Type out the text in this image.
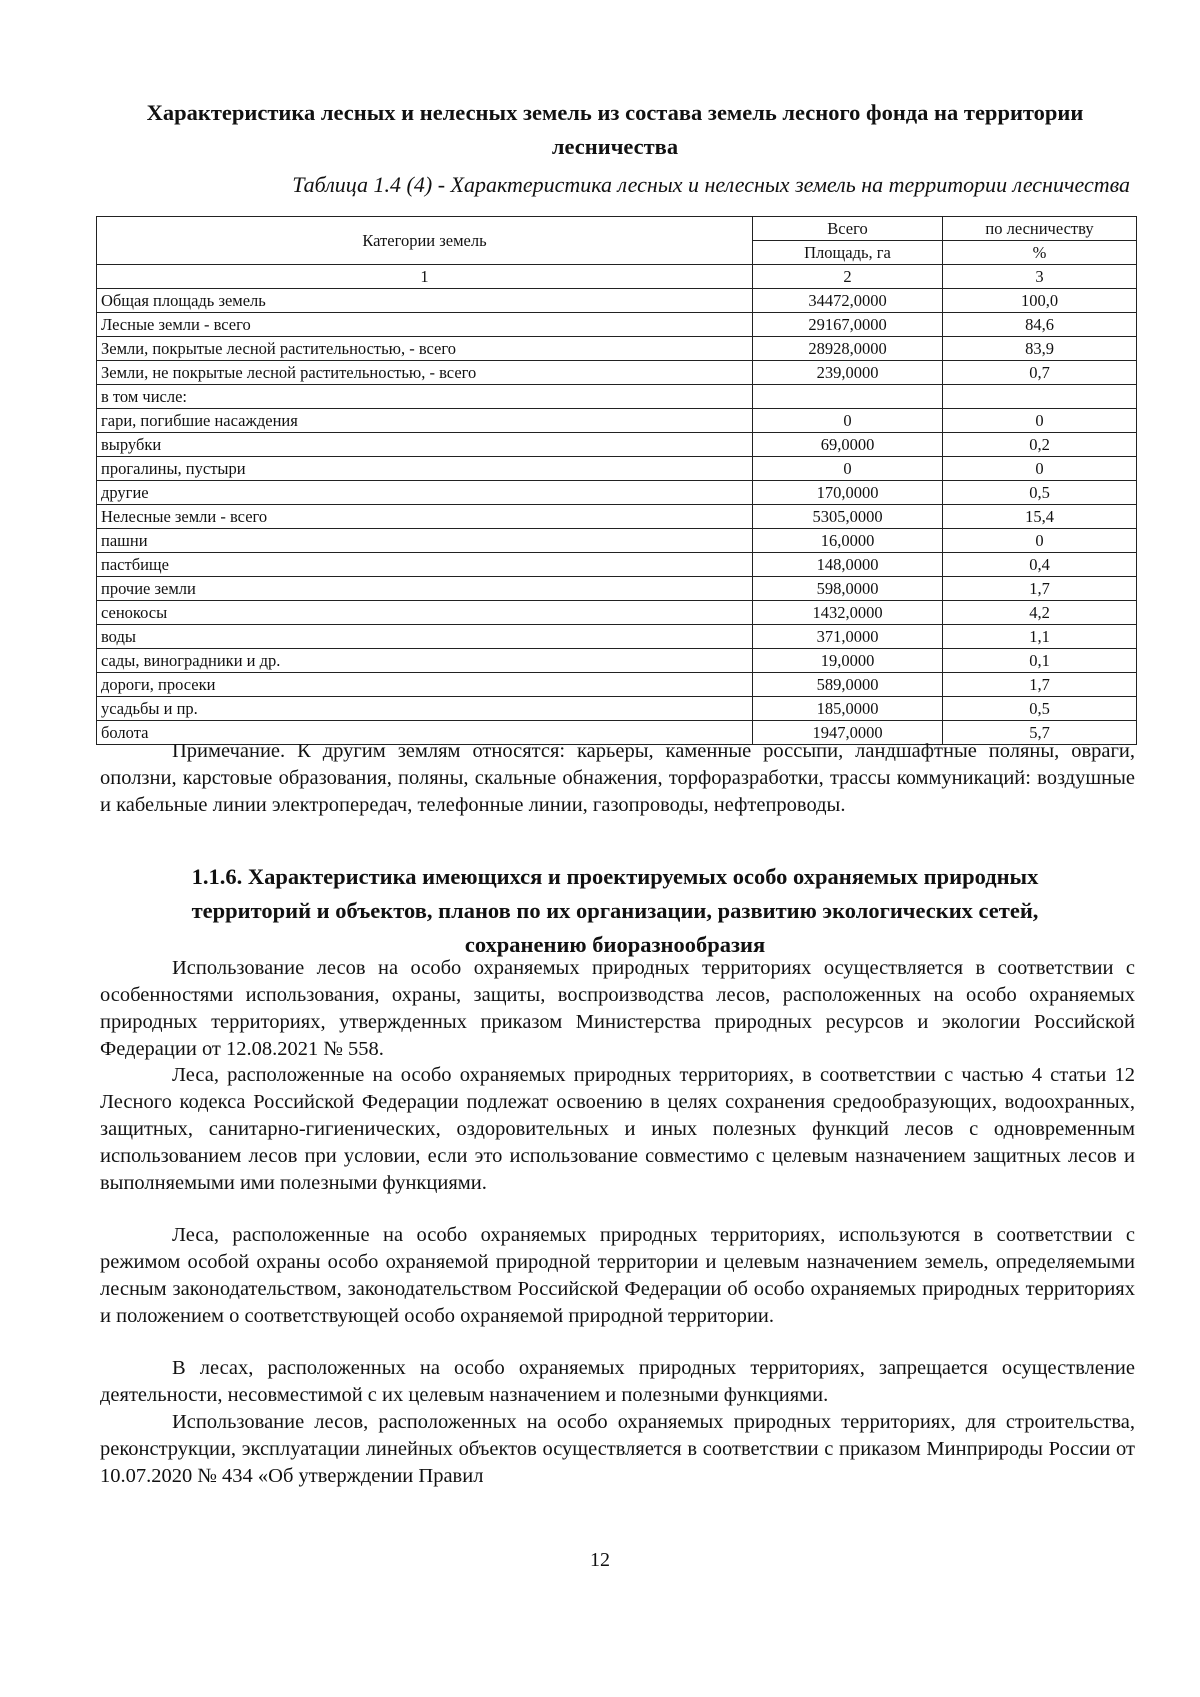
Характеристика лесных и нелесных земель из состава земель лесного фонда на территории лесничества
Таблица 1.4 (4) - Характеристика лесных и нелесных земель на территории лесничества
Категории земель	Всего	по лесничеству
	Площадь, га	%
1	2	3
Общая площадь земель	34472,0000	100,0
Лесные земли - всего	29167,0000	84,6
Земли, покрытые лесной растительностью, - всего	28928,0000	83,9
Земли, не покрытые лесной растительностью, - всего	239,0000	0,7
в том числе:		
гари, погибшие насаждения	0	0
вырубки	69,0000	0,2
прогалины, пустыри	0	0
другие	170,0000	0,5
Нелесные земли - всего	5305,0000	15,4
пашни	16,0000	0
пастбище	148,0000	0,4
прочие земли	598,0000	1,7
сенокосы	1432,0000	4,2
воды	371,0000	1,1
сады, виноградники и др.	19,0000	0,1
дороги, просеки	589,0000	1,7
усадьбы и пр.	185,0000	0,5
болота	1947,0000	5,7
Примечание. К другим землям относятся: карьеры, каменные россыпи, ландшафтные поляны, овраги, оползни, карстовые образования, поляны, скальные обнажения, торфоразработки, трассы коммуникаций: воздушные и кабельные линии электропередач, телефонные линии, газопроводы, нефтепроводы.
1.1.6. Характеристика имеющихся и проектируемых особо охраняемых природных территорий и объектов, планов по их организации, развитию экологических сетей, сохранению биоразнообразия
Использование лесов на особо охраняемых природных территориях осуществляется в соответствии с особенностями использования, охраны, защиты, воспроизводства лесов, расположенных на особо охраняемых природных территориях, утвержденных приказом Министерства природных ресурсов и экологии Российской Федерации от 12.08.2021 № 558.
Леса, расположенные на особо охраняемых природных территориях, в соответствии с частью 4 статьи 12 Лесного кодекса Российской Федерации подлежат освоению в целях сохранения средообразующих, водоохранных, защитных, санитарно-гигиенических, оздоровительных и иных полезных функций лесов с одновременным использованием лесов при условии, если это использование совместимо с целевым назначением защитных лесов и выполняемыми ими полезными функциями.
Леса, расположенные на особо охраняемых природных территориях, используются в соответствии с режимом особой охраны особо охраняемой природной территории и целевым назначением земель, определяемыми лесным законодательством, законодательством Российской Федерации об особо охраняемых природных территориях и положением о соответствующей особо охраняемой природной территории.
В лесах, расположенных на особо охраняемых природных территориях, запрещается осуществление деятельности, несовместимой с их целевым назначением и полезными функциями.
Использование лесов, расположенных на особо охраняемых природных территориях, для строительства, реконструкции, эксплуатации линейных объектов осуществляется в соответствии с приказом Минприроды России от 10.07.2020 № 434 «Об утверждении Правил
12
